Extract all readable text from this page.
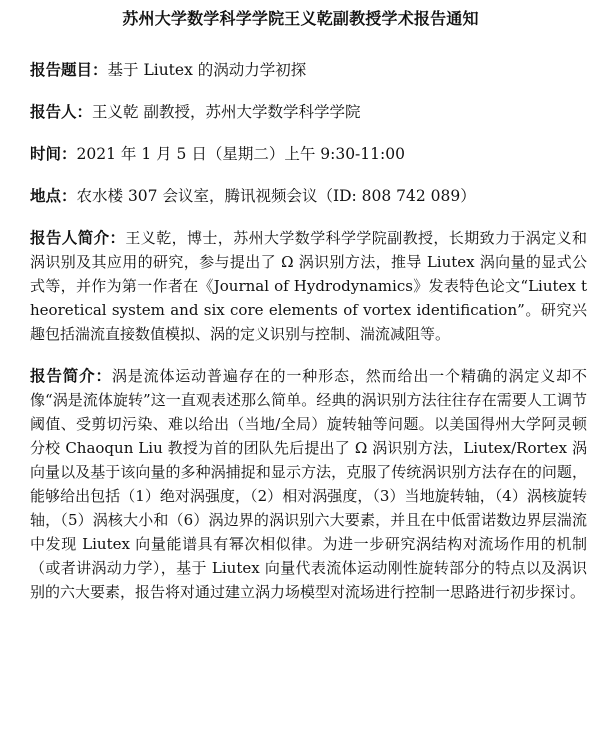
苏州大学数学科学学院王义乾副教授学术报告通知
报告题目：基于 Liutex 的涡动力学初探
报告人：王义乾 副教授，苏州大学数学科学学院
时间：2021 年 1 月 5 日（星期二）上午 9:30-11:00
地点：农水楼 307 会议室，腾讯视频会议（ID: 808 742 089）
报告人简介：王义乾，博士，苏州大学数学科学学院副教授，长期致力于涡定义和涡识别及其应用的研究，参与提出了 Ω 涡识别方法，推导 Liutex 涡向量的显式公式等，并作为第一作者在《Journal of Hydrodynamics》发表特色论文“Liutex theoretical system and six core elements of vortex identification”。研究兴趣包括湍流直接数值模拟、涡的定义识别与控制、湍流减阻等。
报告简介：涡是流体运动普遍存在的一种形态，然而给出一个精确的涡定义却不像“涡是流体旋转”这一直观表述那么简单。经典的涡识别方法往往存在需要人工调节阈值、受剪切污染、难以给出（当地/全局）旋转轴等问题。以美国得州大学阿灵顿分校 Chaoqun Liu 教授为首的团队先后提出了 Ω 涡识别方法，Liutex/Rortex 涡向量以及基于该向量的多种涡捕捉和显示方法，克服了传统涡识别方法存在的问题，能够给出包括（1）绝对涡强度，（2）相对涡强度，（3）当地旋转轴，（4）涡核旋转轴，（5）涡核大小和（6）涡边界的涡识别六大要素，并且在中低雷诺数边界层湍流中发现 Liutex 向量能谱具有幂次相似律。为进一步研究涡结构对流场作用的机制（或者讲涡动力学），基于 Liutex 向量代表流体运动刚性旋转部分的特点以及涡识别的六大要素，报告将对通过建立涡力场模型对流场进行控制一思路进行初步探讨。
